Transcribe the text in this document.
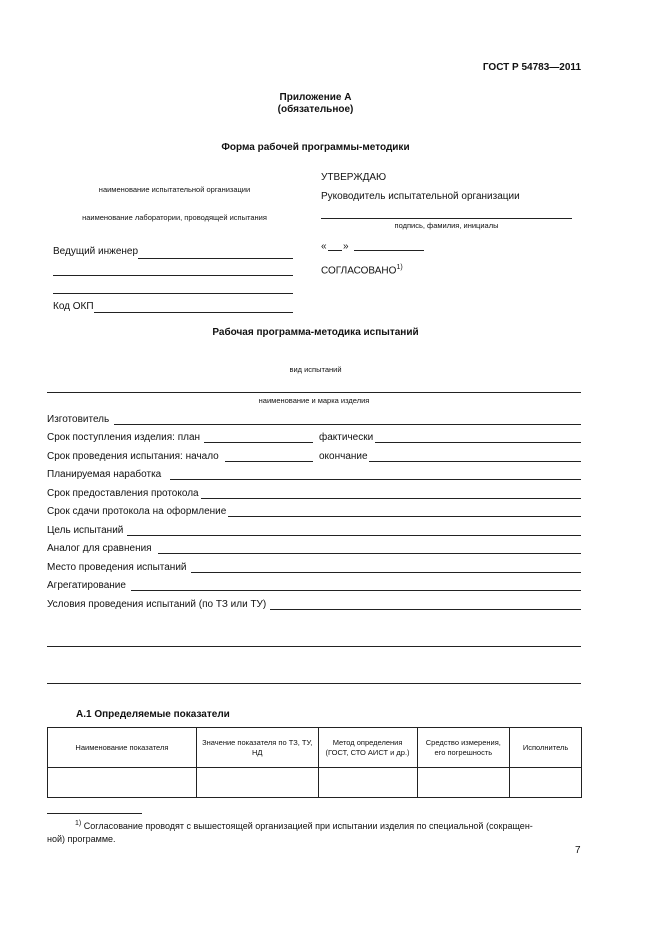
ГОСТ Р 54783—2011
Приложение А
(обязательное)
Форма рабочей программы-методики
наименование испытательной организации
наименование лаборатории, проводящей испытания
Ведущий инженер
Код ОКП
УТВЕРЖДАЮ
Руководитель испытательной организации
подпись, фамилия, инициалы
« »
СОГЛАСОВАНО$^{1)}$
Рабочая программа-методика испытаний
вид испытаний
наименование и марка изделия
Изготовитель
Срок поступления изделия: план	фактически
Срок проведения испытания: начало	окончание
Планируемая наработка
Срок предоставления протокола
Срок сдачи протокола на оформление
Цель испытаний
Аналог для сравнения
Место проведения испытаний
Агрегатирование
Условия проведения испытаний (по ТЗ или ТУ)
А.1 Определяемые показатели
Наименование показателя	Значение показателя по ТЗ, ТУ, НД	Метод определения (ГОСТ, СТО АИСТ и др.)	Средство измерения, его погрешность	Исполнитель

$^{1)}$ Согласование проводят с вышестоящей организацией при испытании изделия по специальной (сокращен-
ной) программе.
7
